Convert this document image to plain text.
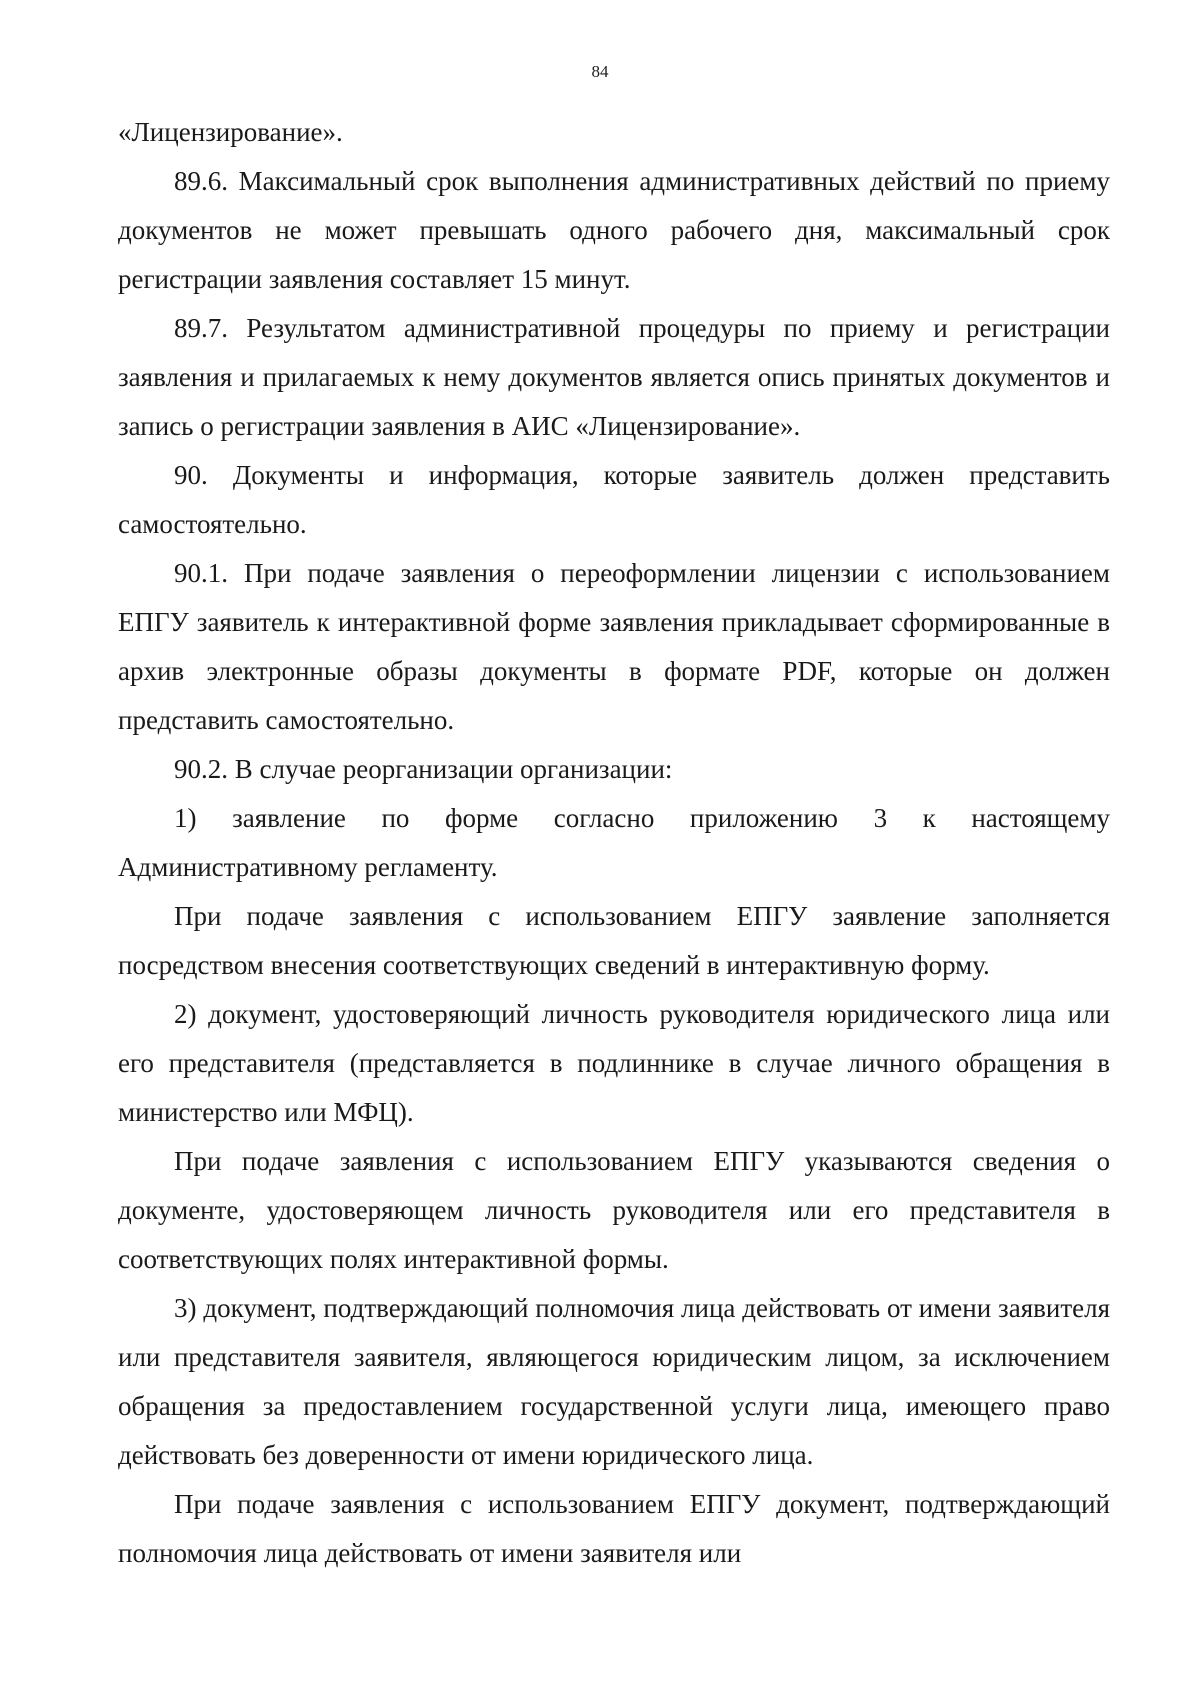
84

«Лицензирование».

89.6. Максимальный срок выполнения административных действий по приему документов не может превышать одного рабочего дня, максимальный срок регистрации заявления составляет 15 минут.

89.7. Результатом административной процедуры по приему и регистрации заявления и прилагаемых к нему документов является опись принятых документов и запись о регистрации заявления в АИС «Лицензирование».

90. Документы и информация, которые заявитель должен представить самостоятельно.

90.1. При подаче заявления о переоформлении лицензии с использованием ЕПГУ заявитель к интерактивной форме заявления прикладывает сформированные в архив электронные образы документы в формате PDF, которые он должен представить самостоятельно.

90.2. В случае реорганизации организации:

1) заявление по форме согласно приложению 3 к настоящему Административному регламенту.

При подаче заявления с использованием ЕПГУ заявление заполняется посредством внесения соответствующих сведений в интерактивную форму.

2) документ, удостоверяющий личность руководителя юридического лица или его представителя (представляется в подлиннике в случае личного обращения в министерство или МФЦ).

При подаче заявления с использованием ЕПГУ указываются сведения о документе, удостоверяющем личность руководителя или его представителя в соответствующих полях интерактивной формы.

3) документ, подтверждающий полномочия лица действовать от имени заявителя или представителя заявителя, являющегося юридическим лицом, за исключением обращения за предоставлением государственной услуги лица, имеющего право действовать без доверенности от имени юридического лица.

При подаче заявления с использованием ЕПГУ документ, подтверждающий полномочия лица действовать от имени заявителя или
